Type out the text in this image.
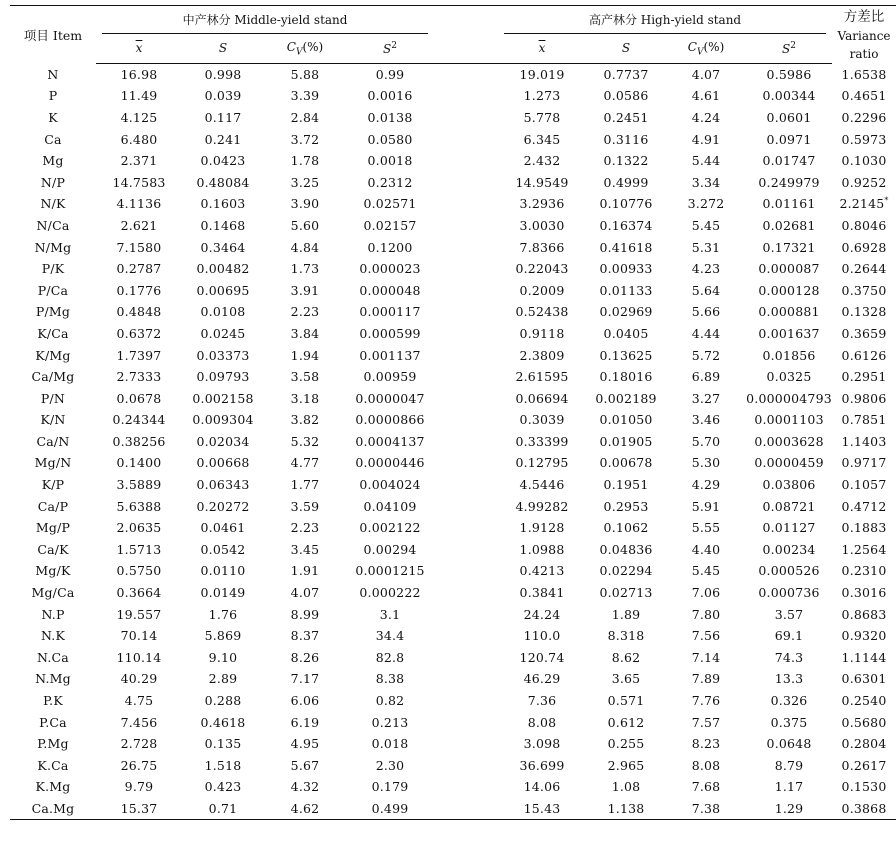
项目 Item	中产林分 Middle-yield stand					高产林分 High-yield stand				方差比
Variance ratio

	$\overline{x}$	S	$C_V(\%)$	$S^2$		$\overline{x}$	S	$C_V(\%)$	$S^2$
N	16.98	0.998	5.88	0.99		19.019	0.7737	4.07	0.5986	1.6538
P	11.49	0.039	3.39	0.0016		1.273	0.0586	4.61	0.00344	0.4651
K	4.125	0.117	2.84	0.0138		5.778	0.2451	4.24	0.0601	0.2296
Ca	6.480	0.241	3.72	0.0580		6.345	0.3116	4.91	0.0971	0.5973
Mg	2.371	0.0423	1.78	0.0018		2.432	0.1322	5.44	0.01747	0.1030
N/P	14.7583	0.48084	3.25	0.2312		14.9549	0.4999	3.34	0.249979	0.9252
N/K	4.1136	0.1603	3.90	0.02571		3.2936	0.10776	3.272	0.01161	2.2145*
N/Ca	2.621	0.1468	5.60	0.02157		3.0030	0.16374	5.45	0.02681	0.8046
N/Mg	7.1580	0.3464	4.84	0.1200		7.8366	0.41618	5.31	0.17321	0.6928
P/K	0.2787	0.00482	1.73	0.000023		0.22043	0.00933	4.23	0.000087	0.2644
P/Ca	0.1776	0.00695	3.91	0.000048		0.2009	0.01133	5.64	0.000128	0.3750
P/Mg	0.4848	0.0108	2.23	0.000117		0.52438	0.02969	5.66	0.000881	0.1328
K/Ca	0.6372	0.0245	3.84	0.000599		0.9118	0.0405	4.44	0.001637	0.3659
K/Mg	1.7397	0.03373	1.94	0.001137		2.3809	0.13625	5.72	0.01856	0.6126
Ca/Mg	2.7333	0.09793	3.58	0.00959		2.61595	0.18016	6.89	0.0325	0.2951
P/N	0.0678	0.002158	3.18	0.0000047		0.06694	0.002189	3.27	0.000004793	0.9806
K/N	0.24344	0.009304	3.82	0.0000866		0.3039	0.01050	3.46	0.0001103	0.7851
Ca/N	0.38256	0.02034	5.32	0.0004137		0.33399	0.01905	5.70	0.0003628	1.1403
Mg/N	0.1400	0.00668	4.77	0.0000446		0.12795	0.00678	5.30	0.0000459	0.9717
K/P	3.5889	0.06343	1.77	0.004024		4.5446	0.1951	4.29	0.03806	0.1057
Ca/P	5.6388	0.20272	3.59	0.04109		4.99282	0.2953	5.91	0.08721	0.4712
Mg/P	2.0635	0.0461	2.23	0.002122		1.9128	0.1062	5.55	0.01127	0.1883
Ca/K	1.5713	0.0542	3.45	0.00294		1.0988	0.04836	4.40	0.00234	1.2564
Mg/K	0.5750	0.0110	1.91	0.0001215		0.4213	0.02294	5.45	0.000526	0.2310
Mg/Ca	0.3664	0.0149	4.07	0.000222		0.3841	0.02713	7.06	0.000736	0.3016
N.P	19.557	1.76	8.99	3.1		24.24	1.89	7.80	3.57	0.8683
N.K	70.14	5.869	8.37	34.4		110.0	8.318	7.56	69.1	0.9320
N.Ca	110.14	9.10	8.26	82.8		120.74	8.62	7.14	74.3	1.1144
N.Mg	40.29	2.89	7.17	8.38		46.29	3.65	7.89	13.3	0.6301
P.K	4.75	0.288	6.06	0.82		7.36	0.571	7.76	0.326	0.2540
P.Ca	7.456	0.4618	6.19	0.213		8.08	0.612	7.57	0.375	0.5680
P.Mg	2.728	0.135	4.95	0.018		3.098	0.255	8.23	0.0648	0.2804
K.Ca	26.75	1.518	5.67	2.30		36.699	2.965	8.08	8.79	0.2617
K.Mg	9.79	0.423	4.32	0.179		14.06	1.08	7.68	1.17	0.1530
Ca.Mg	15.37	0.71	4.62	0.499		15.43	1.138	7.38	1.29	0.3868
